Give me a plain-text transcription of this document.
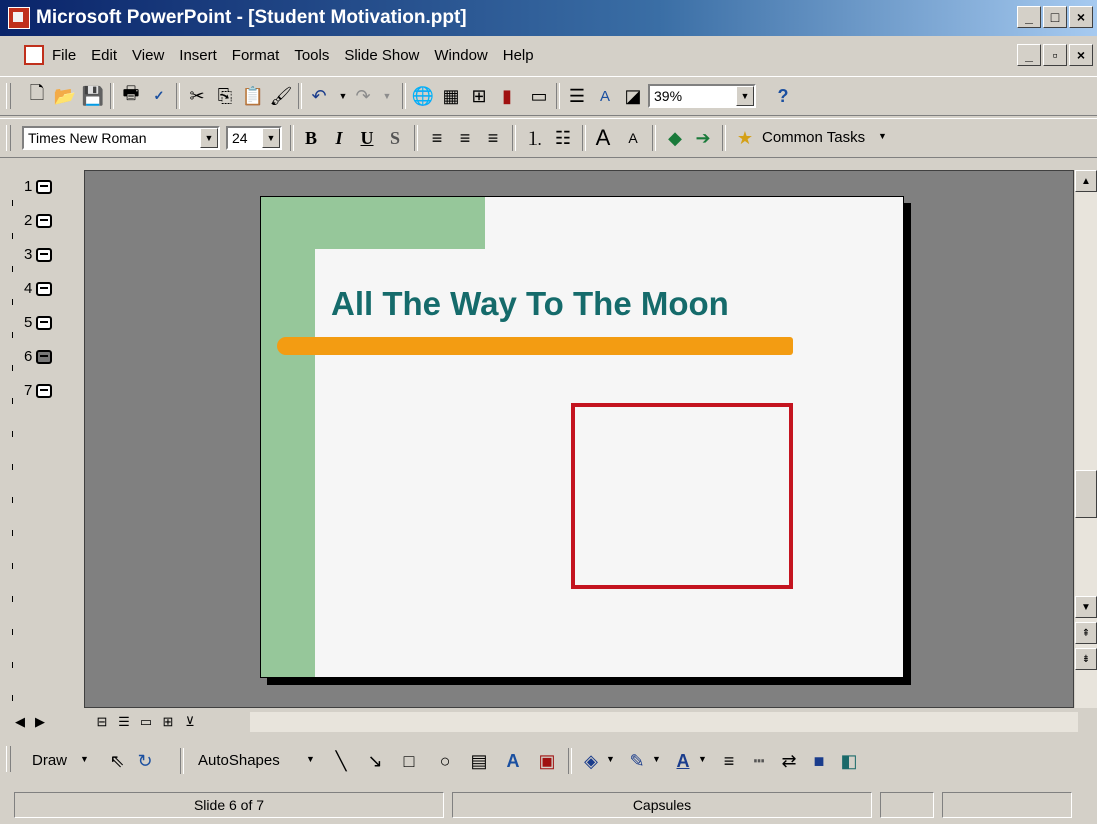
Microsoft PowerPoint - [Student Motivation.ppt]	_	□	×
File Edit View Insert Format Tools Slide Show Window Help	_	▫	×
🗋 📂 💾 🖶	✓	✂ ⎘ 📋 🖌	↶	▼ ↷	▼	🌐 ▦ ⊞ ▮	▭ ☰ A ◪ 39%	▼	?
Times New Roman	▼	24	▼	B	I	U S	≡ ≡ ≡	⒈ ☷ A	A	◆ ➔	★ Common Tasks ▼
1
2
3
4
5
6
7
All The Way To The Moon
▲
▼
⇞
⇟
◀ ▶	⊟ ☰ ▭ ⊞ ⊻
Draw ▼	⇖ ↻	AutoShapes	▼	╲	↘	□	○	▤	A	▣	◈ ▼ ✎ ▼ A ▼ ≡	┅ ⇄ ■ ◧
Slide 6 of 7	Capsules
